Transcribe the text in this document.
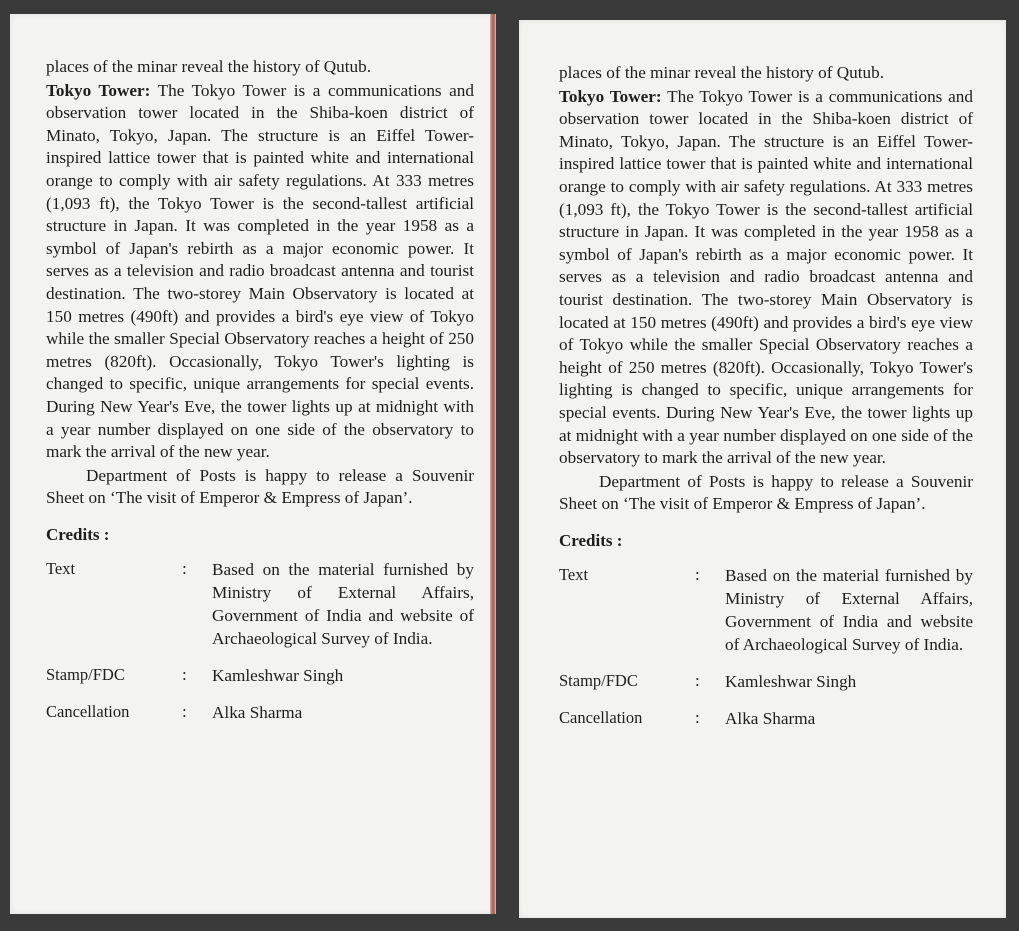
places of the minar reveal the history of Qutub.

Tokyo Tower: The Tokyo Tower is a communications and observation tower located in the Shiba-koen district of Minato, Tokyo, Japan. The structure is an Eiffel Tower-inspired lattice tower that is painted white and international orange to comply with air safety regulations. At 333 metres (1,093 ft), the Tokyo Tower is the second-tallest artificial structure in Japan. It was completed in the year 1958 as a symbol of Japan's rebirth as a major economic power. It serves as a television and radio broadcast antenna and tourist destination. The two-storey Main Observatory is located at 150 metres (490ft) and provides a bird's eye view of Tokyo while the smaller Special Observatory reaches a height of 250 metres (820ft). Occasionally, Tokyo Tower's lighting is changed to specific, unique arrangements for special events. During New Year's Eve, the tower lights up at midnight with a year number displayed on one side of the observatory to mark the arrival of the new year.

Department of Posts is happy to release a Souvenir Sheet on ‘The visit of Emperor & Empress of Japan’.

Credits :
Text	:	Based on the material furnished by Ministry of External Affairs, Government of India and website of Archaeological Survey of India.
Stamp/FDC	:	Kamleshwar Singh
Cancellation	:	Alka Sharma

places of the minar reveal the history of Qutub.

Tokyo Tower: The Tokyo Tower is a communications and observation tower located in the Shiba-koen district of Minato, Tokyo, Japan. The structure is an Eiffel Tower-inspired lattice tower that is painted white and international orange to comply with air safety regulations. At 333 metres (1,093 ft), the Tokyo Tower is the second-tallest artificial structure in Japan. It was completed in the year 1958 as a symbol of Japan's rebirth as a major economic power. It serves as a television and radio broadcast antenna and tourist destination. The two-storey Main Observatory is located at 150 metres (490ft) and provides a bird's eye view of Tokyo while the smaller Special Observatory reaches a height of 250 metres (820ft). Occasionally, Tokyo Tower's lighting is changed to specific, unique arrangements for special events. During New Year's Eve, the tower lights up at midnight with a year number displayed on one side of the observatory to mark the arrival of the new year.

Department of Posts is happy to release a Souvenir Sheet on ‘The visit of Emperor & Empress of Japan’.

Credits :
Text	:	Based on the material furnished by Ministry of External Affairs, Government of India and website of Archaeological Survey of India.
Stamp/FDC	:	Kamleshwar Singh
Cancellation	:	Alka Sharma
